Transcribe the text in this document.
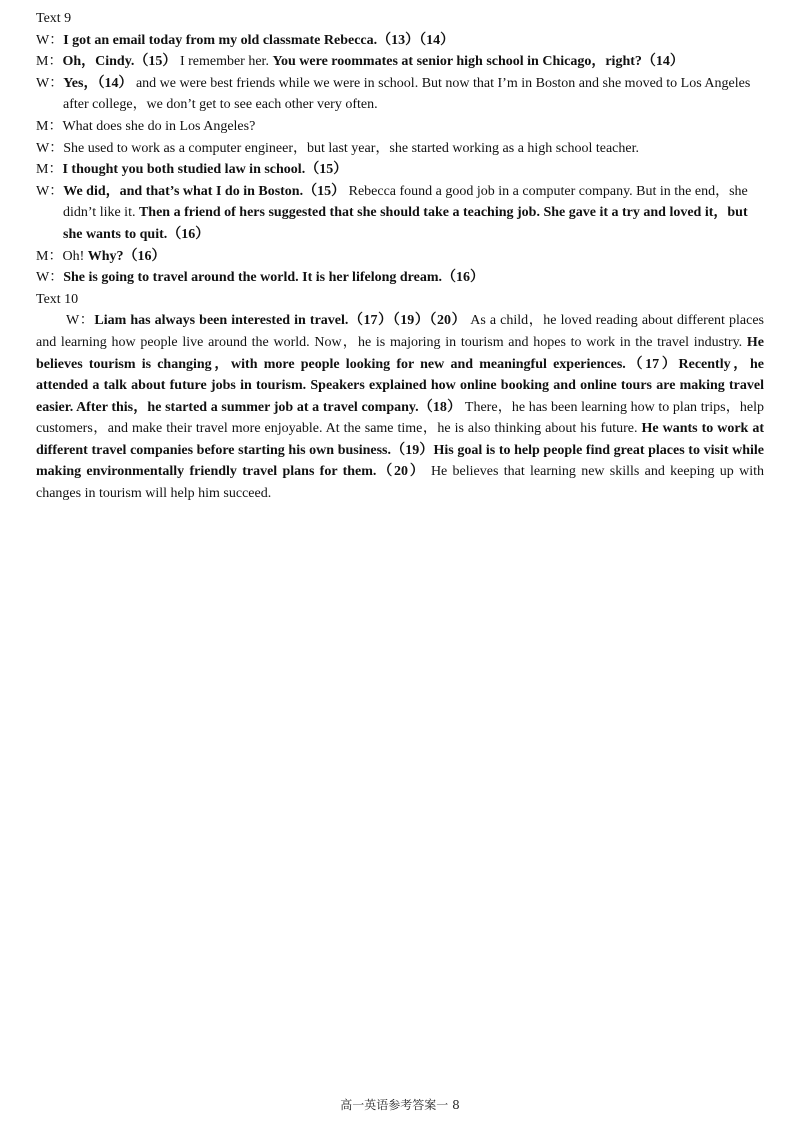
Text 9

W：I got an email today from my old classmate Rebecca.（13）（14）

M：Oh，Cindy.（15） I remember her. You were roommates at senior high school in Chicago，right?（14）

W：Yes，（14） and we were best friends while we were in school. But now that I’m in Boston and she moved to Los Angeles after college，we don’t get to see each other very often.

M：What does she do in Los Angeles?

W：She used to work as a computer engineer，but last year，she started working as a high school teacher.

M：I thought you both studied law in school.（15）

W：We did，and that’s what I do in Boston.（15） Rebecca found a good job in a computer company. But in the end，she didn’t like it. Then a friend of hers suggested that she should take a teaching job. She gave it a try and loved it，but she wants to quit.（16）

M：Oh! Why?（16）

W：She is going to travel around the world. It is her lifelong dream.（16）

Text 10

W：Liam has always been interested in travel.（17）（19）（20） As a child，he loved reading about different places and learning how people live around the world. Now，he is majoring in tourism and hopes to work in the travel industry. He believes tourism is changing，with more people looking for new and meaningful experiences.（17）Recently，he attended a talk about future jobs in tourism. Speakers explained how online booking and online tours are making travel easier. After this，he started a summer job at a travel company.（18） There，he has been learning how to plan trips，help customers，and make their travel more enjoyable. At the same time，he is also thinking about his future. He wants to work at different travel companies before starting his own business.（19）His goal is to help people find great places to visit while making environmentally friendly travel plans for them.（20） He believes that learning new skills and keeping up with changes in tourism will help him succeed.

高一英语参考答案一 8
